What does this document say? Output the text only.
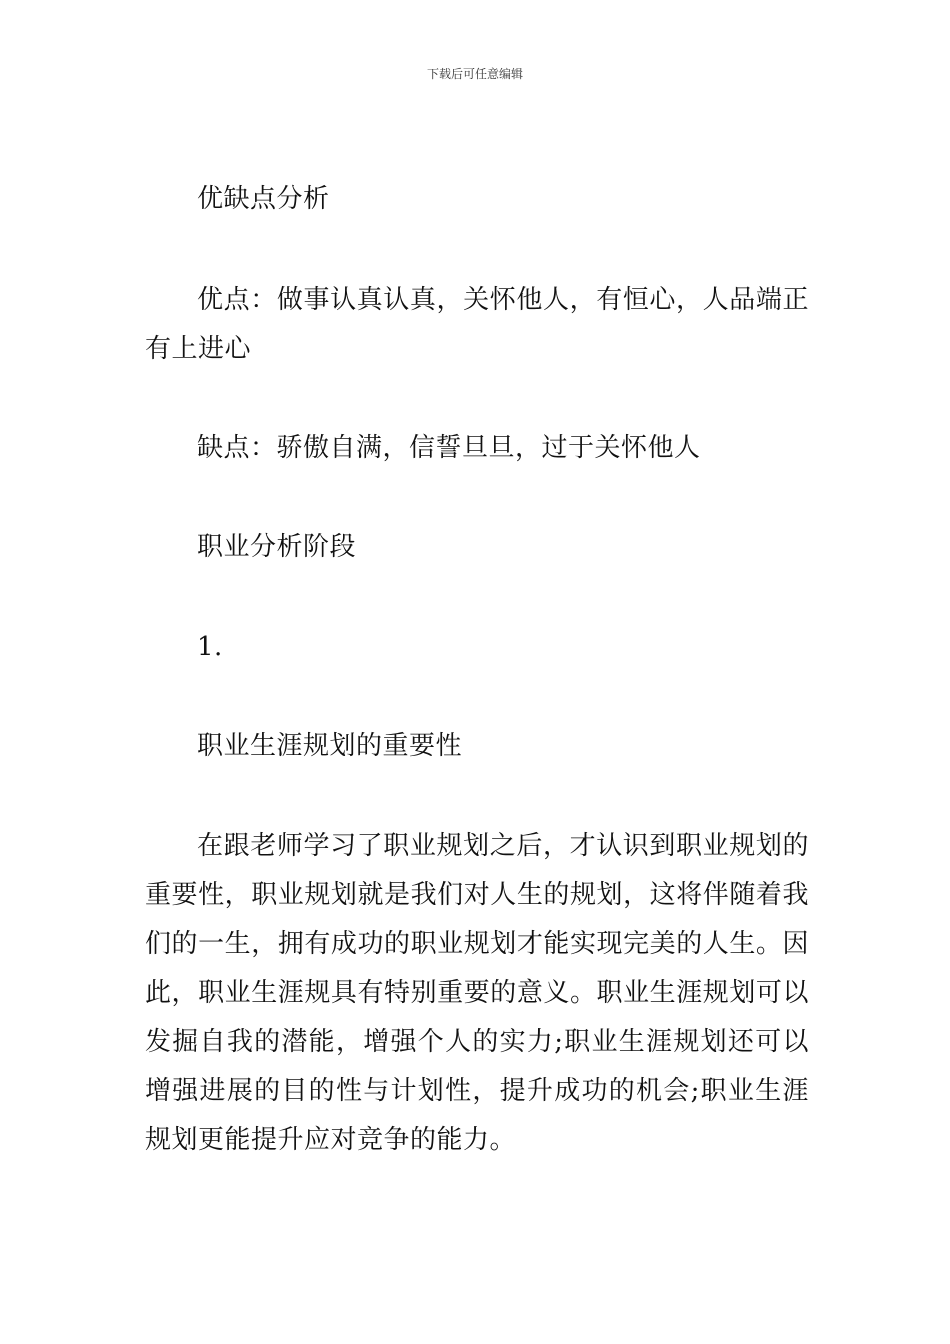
下载后可任意编辑

优缺点分析

优点：做事认真认真，关怀他人，有恒心，人品端正有上进心

缺点：骄傲自满，信誓旦旦，过于关怀他人

职业分析阶段

1.

职业生涯规划的重要性

在跟老师学习了职业规划之后，才认识到职业规划的重要性，职业规划就是我们对人生的规划，这将伴随着我们的一生，拥有成功的职业规划才能实现完美的人生。因此，职业生涯规具有特别重要的意义。职业生涯规划可以发掘自我的潜能，增强个人的实力;职业生涯规划还可以增强进展的目的性与计划性，提升成功的机会;职业生涯规划更能提升应对竞争的能力。
